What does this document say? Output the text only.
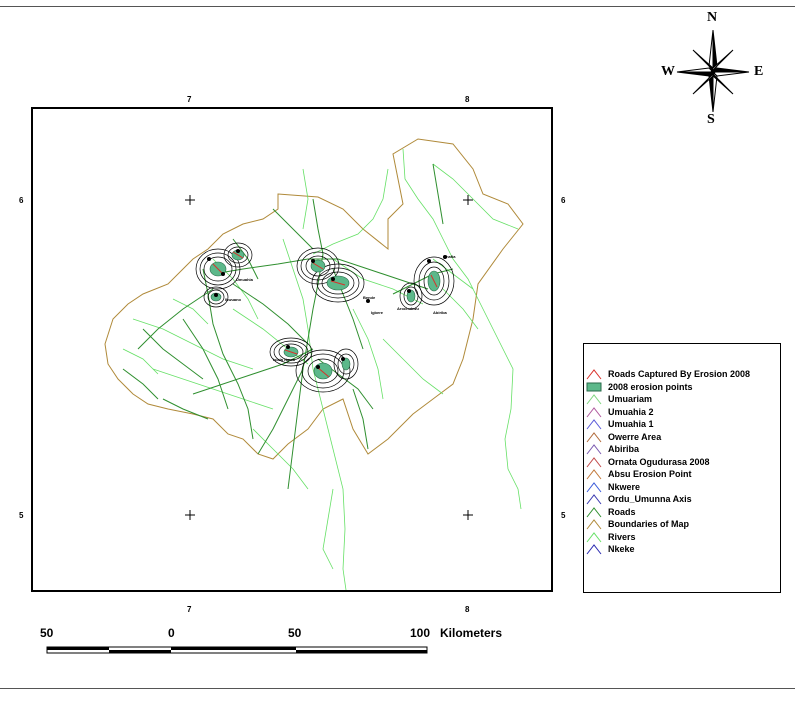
N
W	E
S
7	8
7	8
6
5
6
5
Umuahia
Ikwuano
Isiala Ngwa
Ohafia
Abiriba
Bende
Igbere
Arochukwu
Roads Captured By Erosion 2008
2008 erosion points
Umuariam
Umuahia 2
Umuahia 1
Owerre Area
Abiriba
Ornata Ogudurasa 2008
Absu Erosion Point
Nkwere
Ordu_Umunna Axis
Roads
Boundaries of Map
Rivers
Nkeke
50	0	50	100 Kilometers
